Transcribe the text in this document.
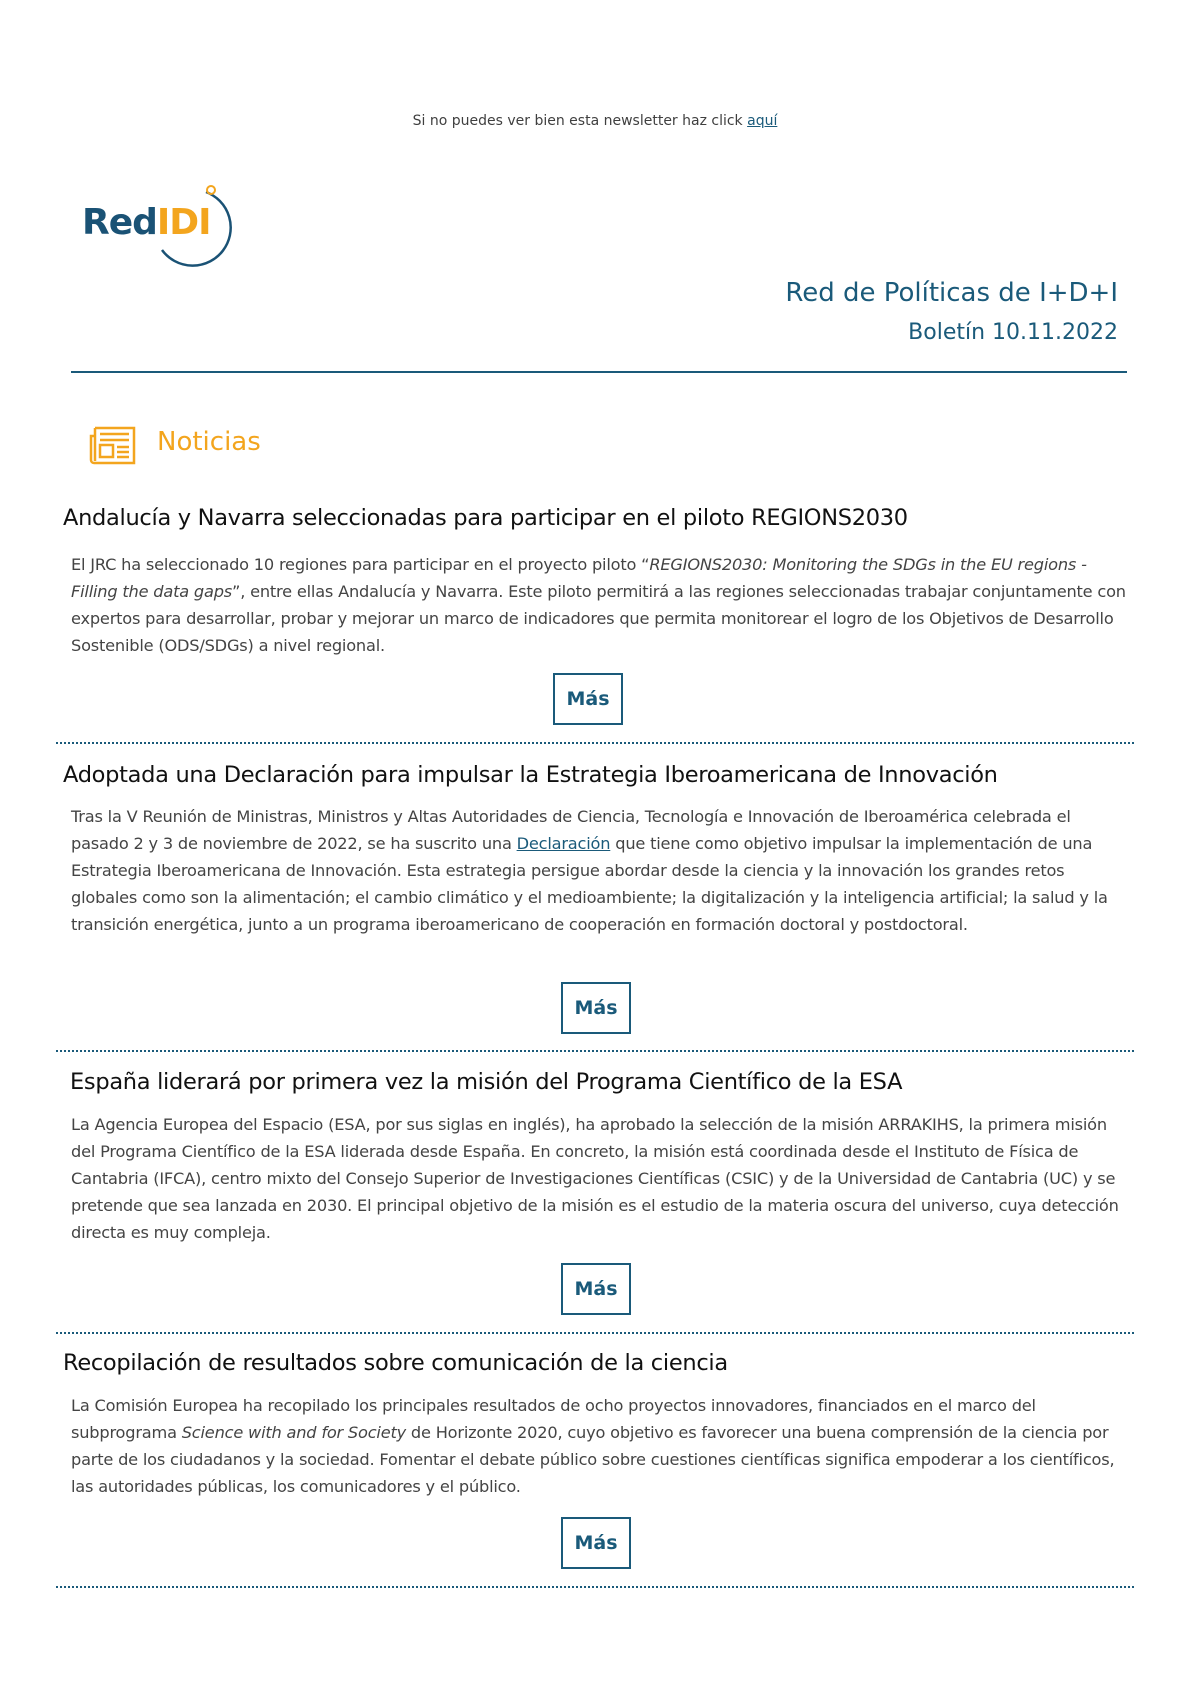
Si no puedes ver bien esta newsletter haz click aquí
RedIDI
Red de Políticas de I+D+I
Boletín 10.11.2022
Noticias
Andalucía y Navarra seleccionadas para participar en el piloto REGIONS2030

El JRC ha seleccionado 10 regiones para participar en el proyecto piloto “REGIONS2030: Monitoring the SDGs in the EU regions - Filling the data gaps”, entre ellas Andalucía y Navarra. Este piloto permitirá a las regiones seleccionadas trabajar conjuntamente con expertos para desarrollar, probar y mejorar un marco de indicadores que permita monitorear el logro de los Objetivos de Desarrollo Sostenible (ODS/SDGs) a nivel regional.

Más
Adoptada una Declaración para impulsar la Estrategia Iberoamericana de Innovación

Tras la V Reunión de Ministras, Ministros y Altas Autoridades de Ciencia, Tecnología e Innovación de Iberoamérica celebrada el pasado 2 y 3 de noviembre de 2022, se ha suscrito una Declaración que tiene como objetivo impulsar la implementación de una Estrategia Iberoamericana de Innovación. Esta estrategia persigue abordar desde la ciencia y la innovación los grandes retos globales como son la alimentación; el cambio climático y el medioambiente; la digitalización y la inteligencia artificial; la salud y la transición energética, junto a un programa iberoamericano de cooperación en formación doctoral y postdoctoral.

Más
España liderará por primera vez la misión del Programa Científico de la ESA

La Agencia Europea del Espacio (ESA, por sus siglas en inglés), ha aprobado la selección de la misión ARRAKIHS, la primera misión del Programa Científico de la ESA liderada desde España. En concreto, la misión está coordinada desde el Instituto de Física de Cantabria (IFCA), centro mixto del Consejo Superior de Investigaciones Científicas (CSIC) y de la Universidad de Cantabria (UC) y se pretende que sea lanzada en 2030. El principal objetivo de la misión es el estudio de la materia oscura del universo, cuya detección directa es muy compleja.

Más
Recopilación de resultados sobre comunicación de la ciencia

La Comisión Europea ha recopilado los principales resultados de ocho proyectos innovadores, financiados en el marco del subprograma Science with and for Society de Horizonte 2020, cuyo objetivo es favorecer una buena comprensión de la ciencia por parte de los ciudadanos y la sociedad. Fomentar el debate público sobre cuestiones científicas significa empoderar a los científicos, las autoridades públicas, los comunicadores y el público.

Más
